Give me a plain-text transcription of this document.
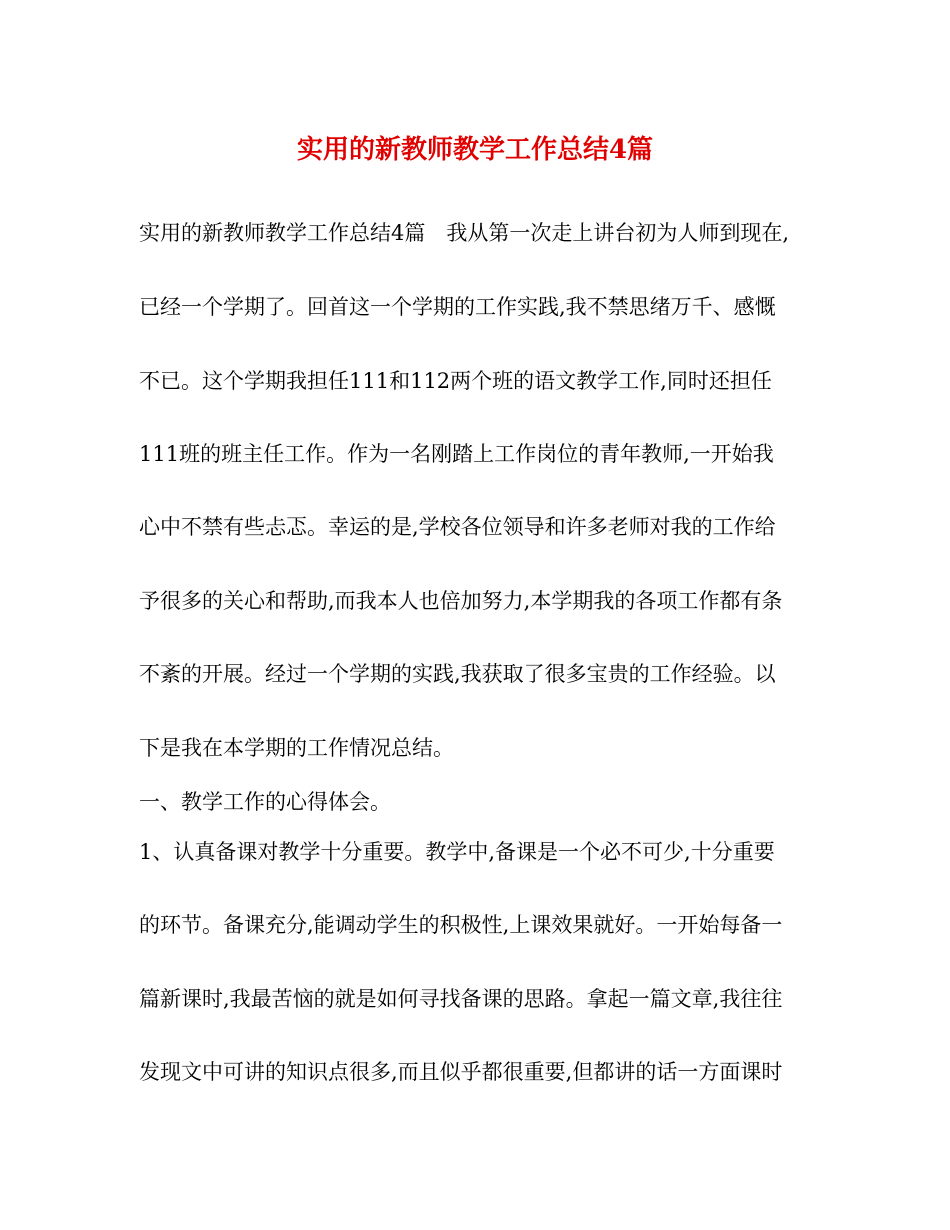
实用的新教师教学工作总结4篇

实用的新教师教学工作总结4篇　我从第一次走上讲台初为人师到现在,

已经一个学期了。回首这一个学期的工作实践,我不禁思绪万千、感慨

不已。这个学期我担任111和112两个班的语文教学工作,同时还担任

111班的班主任工作。作为一名刚踏上工作岗位的青年教师,一开始我

心中不禁有些忐忑。幸运的是,学校各位领导和许多老师对我的工作给

予很多的关心和帮助,而我本人也倍加努力,本学期我的各项工作都有条

不紊的开展。经过一个学期的实践,我获取了很多宝贵的工作经验。以

下是我在本学期的工作情况总结。

一、教学工作的心得体会。

1、认真备课对教学十分重要。教学中,备课是一个必不可少,十分重要

的环节。备课充分,能调动学生的积极性,上课效果就好。一开始每备一

篇新课时,我最苦恼的就是如何寻找备课的思路。拿起一篇文章,我往往

发现文中可讲的知识点很多,而且似乎都很重要,但都讲的话一方面课时
